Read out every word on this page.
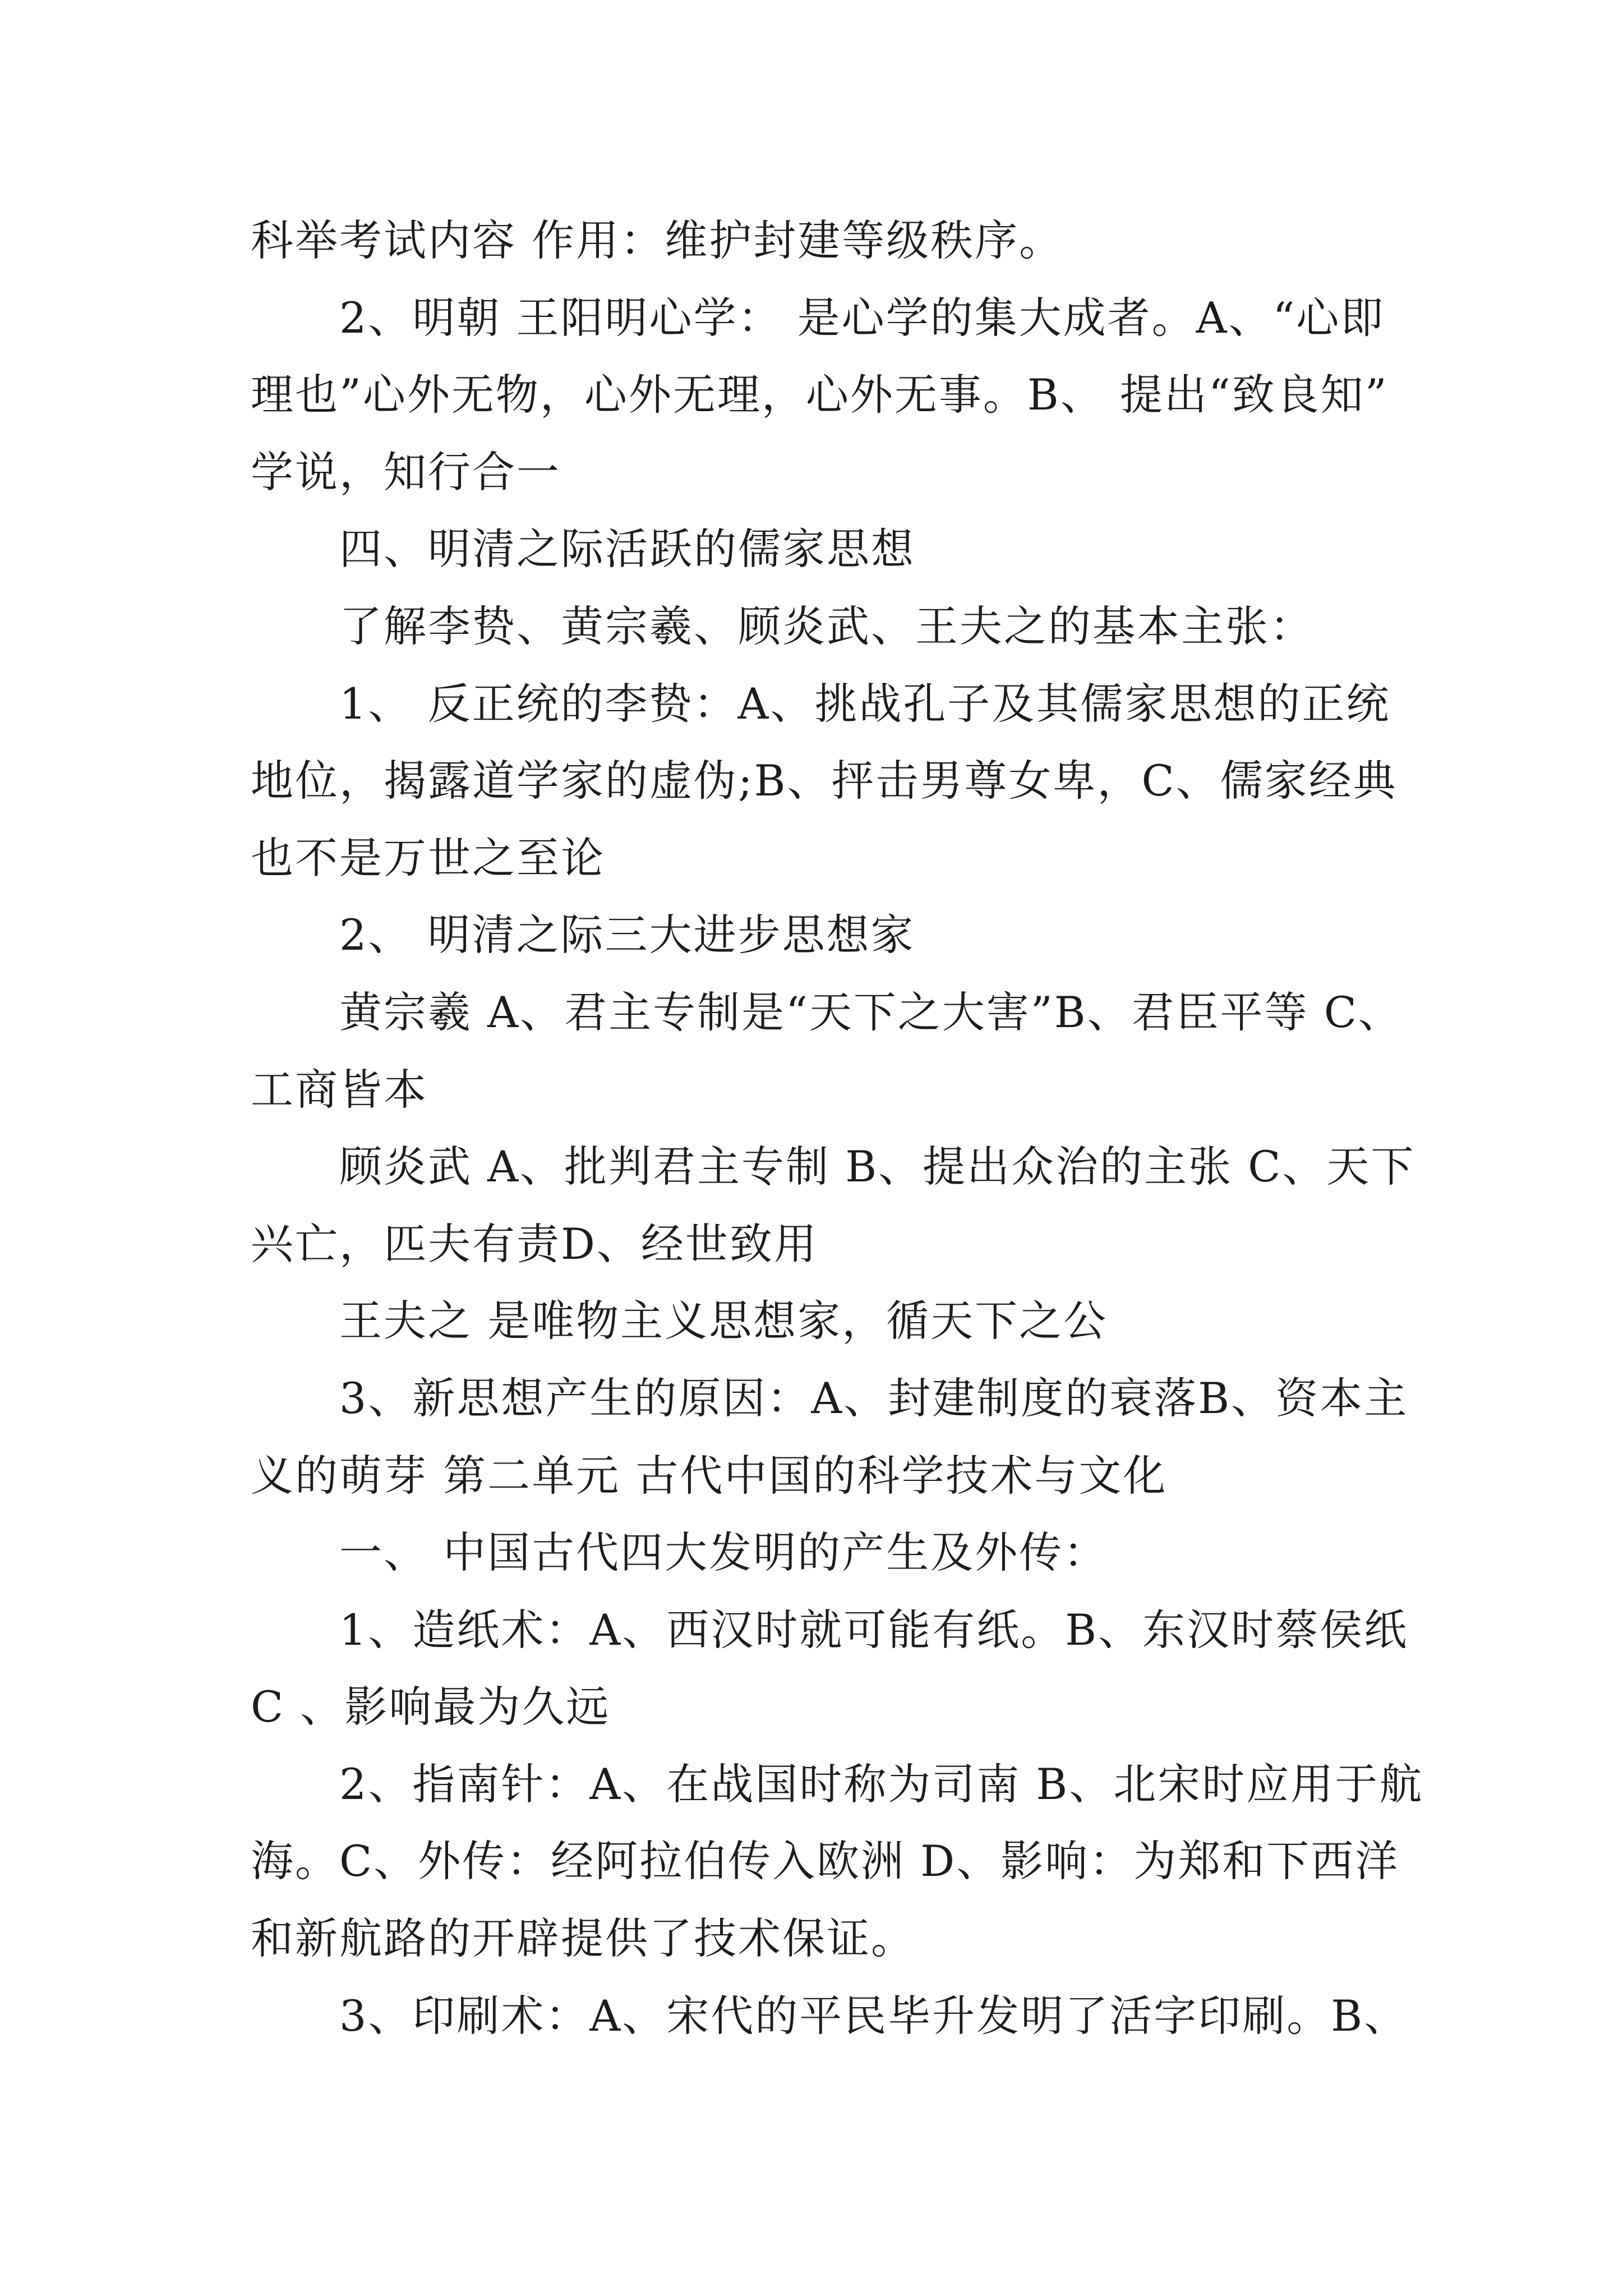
科举考试内容 作用：维护封建等级秩序。
2、明朝 王阳明心学： 是心学的集大成者。A、“心即
理也”心外无物，心外无理，心外无事。B、 提出“致良知”
学说，知行合一
四、明清之际活跃的儒家思想
了解李贽、黄宗羲、顾炎武、王夫之的基本主张：
1、 反正统的李贽：A、挑战孔子及其儒家思想的正统
地位，揭露道学家的虚伪;B、抨击男尊女卑，C、儒家经典
也不是万世之至论
2、 明清之际三大进步思想家
黄宗羲 A、君主专制是“天下之大害”B、君臣平等 C、
工商皆本
顾炎武 A、批判君主专制 B、提出众治的主张 C、天下
兴亡，匹夫有责D、经世致用
王夫之 是唯物主义思想家，循天下之公
3、新思想产生的原因：A、封建制度的衰落B、资本主
义的萌芽 第二单元 古代中国的科学技术与文化
一、 中国古代四大发明的产生及外传：
1、造纸术：A、西汉时就可能有纸。B、东汉时蔡侯纸
C 、影响最为久远
2、指南针：A、在战国时称为司南 B、北宋时应用于航
海。C、外传：经阿拉伯传入欧洲 D、影响：为郑和下西洋
和新航路的开辟提供了技术保证。
3、印刷术：A、宋代的平民毕升发明了活字印刷。B、
